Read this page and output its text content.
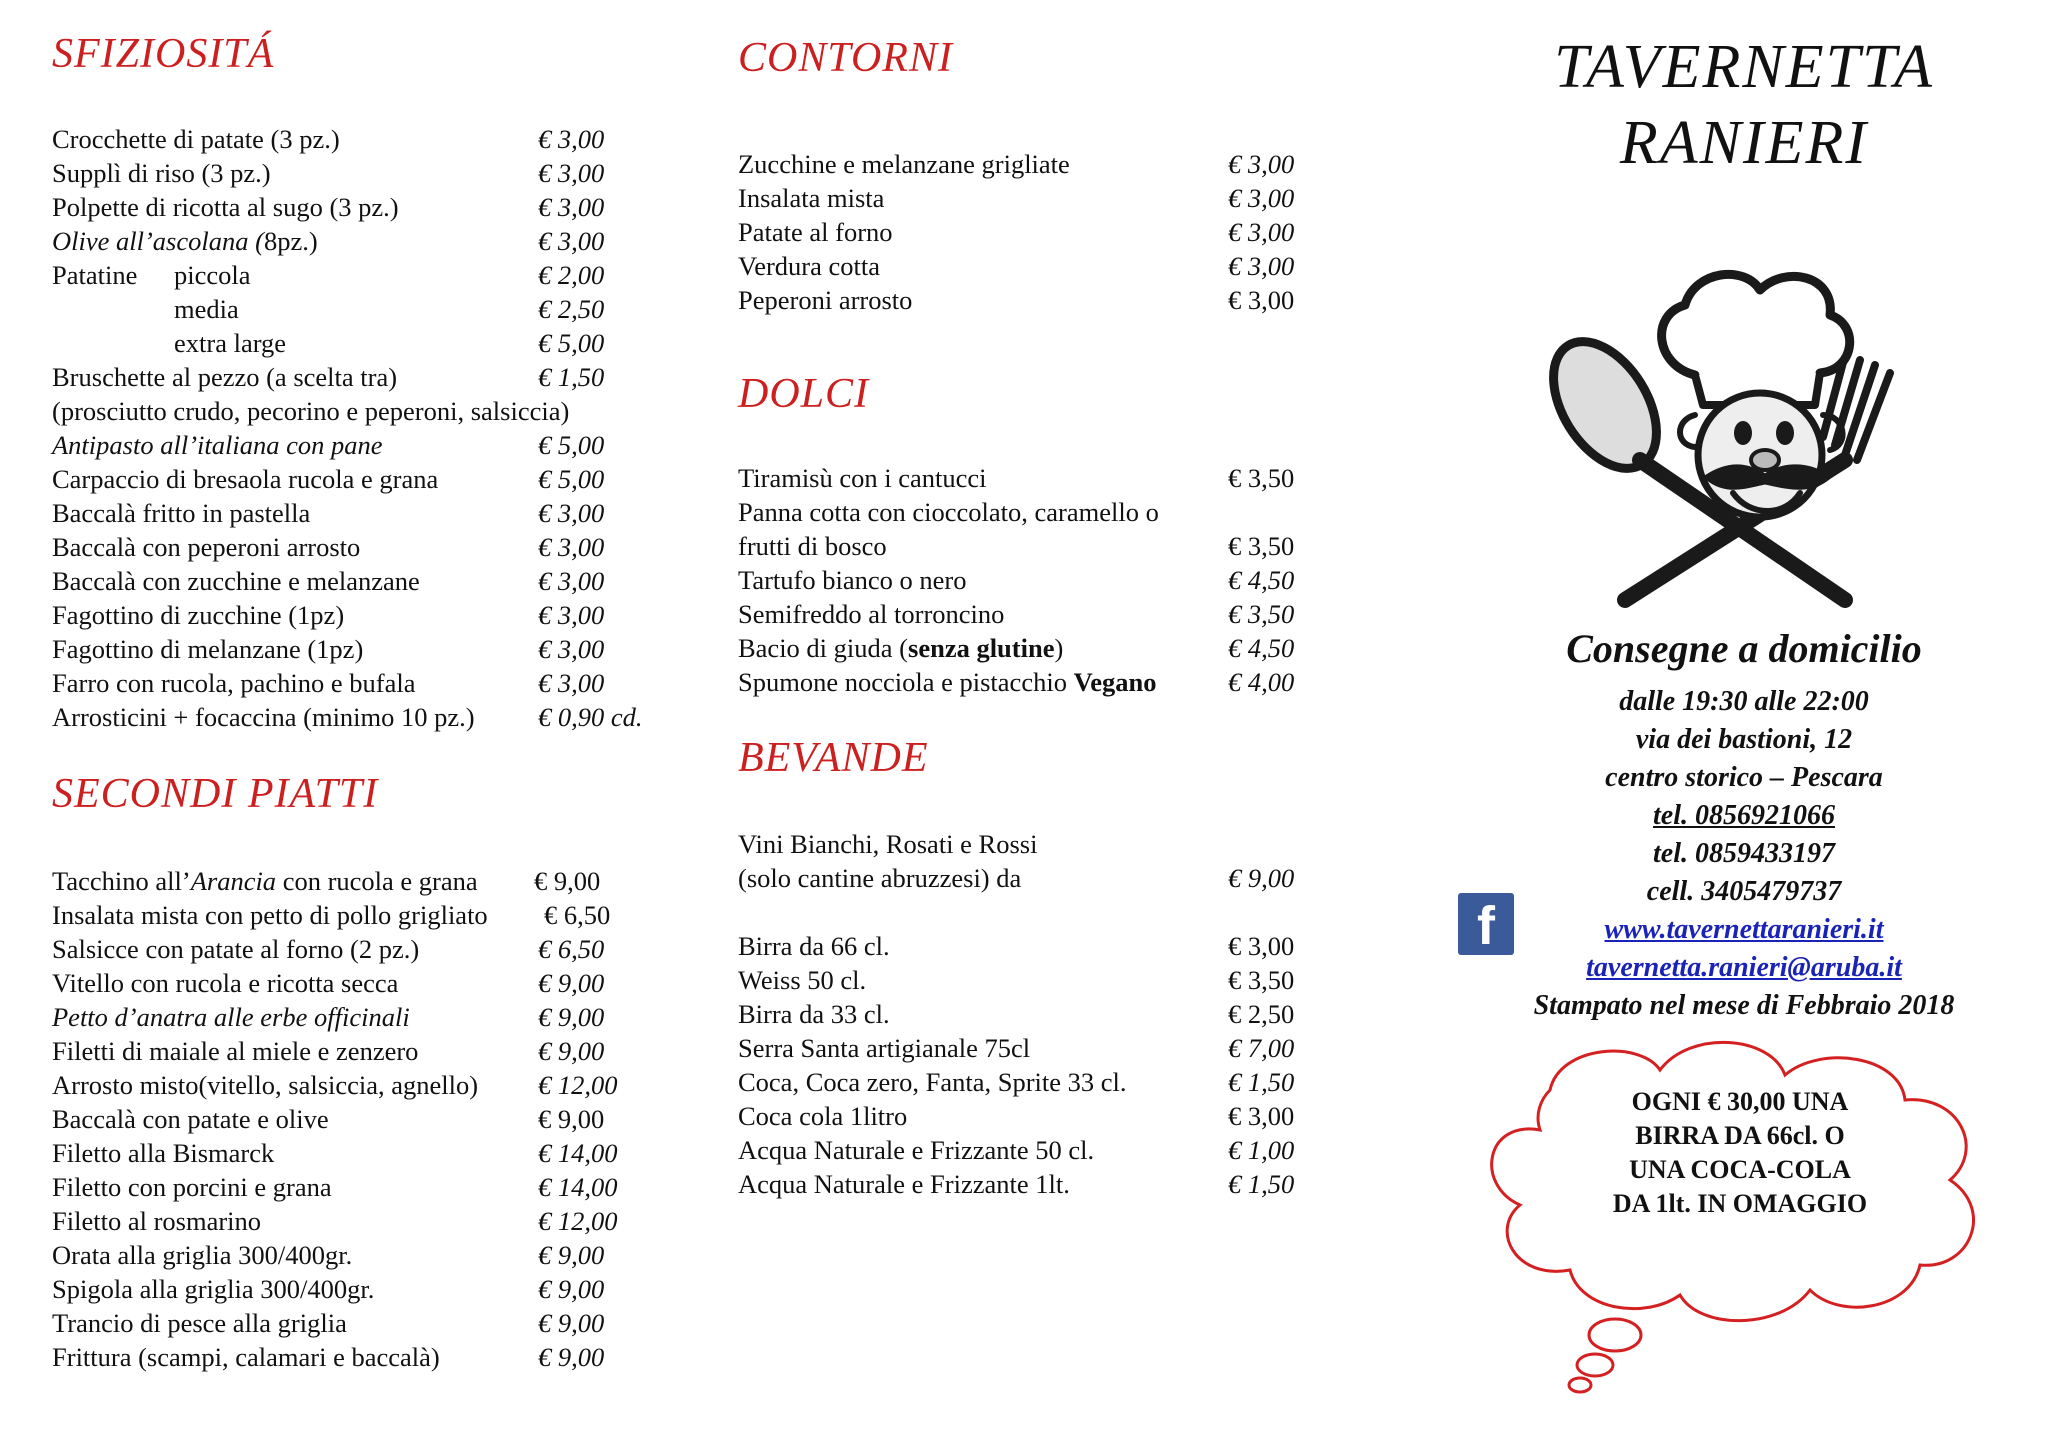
SFIZIOSITÁ
Crocchette di patate (3 pz.)	€ 3,00
Supplì di riso (3 pz.)	€ 3,00
Polpette di ricotta al sugo (3 pz.)	€ 3,00
Olive all’ascolana (8pz.)	€ 3,00
Patatine piccola	€ 2,00
media	€ 2,50
extra large	€ 5,00
Bruschette al pezzo (a scelta tra)	€ 1,50
(prosciutto crudo, pecorino e peperoni, salsiccia)
Antipasto all’italiana con pane	€ 5,00
Carpaccio di bresaola rucola e grana	€ 5,00
Baccalà fritto in pastella	€ 3,00
Baccalà con peperoni arrosto	€ 3,00
Baccalà con zucchine e melanzane	€ 3,00
Fagottino di zucchine (1pz)	€ 3,00
Fagottino di melanzane (1pz)	€ 3,00
Farro con rucola, pachino e bufala	€ 3,00
Arrosticini + focaccina (minimo 10 pz.) € 0,90 cd.
SECONDI PIATTI
Tacchino all’Arancia con rucola e grana € 9,00
Insalata mista con petto di pollo grigliato € 6,50
Salsicce con patate al forno (2 pz.)	€ 6,50
Vitello con rucola e ricotta secca	€ 9,00
Petto d’anatra alle erbe officinali	€ 9,00
Filetti di maiale al miele e zenzero	€ 9,00
Arrosto misto(vitello, salsiccia, agnello) € 12,00
Baccalà con patate e olive	€ 9,00
Filetto alla Bismarck	€ 14,00
Filetto con porcini e grana	€ 14,00
Filetto al rosmarino	€ 12,00
Orata alla griglia 300/400gr.	€ 9,00
Spigola alla griglia 300/400gr.	€ 9,00
Trancio di pesce alla griglia	€ 9,00
Frittura (scampi, calamari e baccalà)	€ 9,00
CONTORNI
Zucchine e melanzane grigliate	€ 3,00
Insalata mista	€ 3,00
Patate al forno	€ 3,00
Verdura cotta	€ 3,00
Peperoni arrosto	€ 3,00
DOLCI
Tiramisù con i cantucci	€ 3,50
Panna cotta con cioccolato, caramello o
frutti di bosco	€ 3,50
Tartufo bianco o nero	€ 4,50
Semifreddo al torroncino	€ 3,50
Bacio di giuda (senza glutine)	€ 4,50
Spumone nocciola e pistacchio Vegano	€ 4,00
BEVANDE
Vini Bianchi, Rosati e Rossi
(solo cantine abruzzesi) da	€ 9,00
Birra da 66 cl.	€ 3,00
Weiss 50 cl.	€ 3,50
Birra da 33 cl.	€ 2,50
Serra Santa artigianale 75cl	€ 7,00
Coca, Coca zero, Fanta, Sprite 33 cl.	€ 1,50
Coca cola 1litro	€ 3,00
Acqua Naturale e Frizzante 50 cl.	€ 1,00
Acqua Naturale e Frizzante 1lt.	€ 1,50
TAVERNETTA
RANIERI
Consegne a domicilio
dalle 19:30 alle 22:00
via dei bastioni, 12
centro storico – Pescara
tel. 0856921066
tel. 0859433197
cell. 3405479737
www.tavernettaranieri.it
tavernetta.ranieri@aruba.it
Stampato nel mese di Febbraio 2018
f
OGNI € 30,00 UNA
BIRRA DA 66cl. O
UNA COCA-COLA
DA 1lt. IN OMAGGIO
